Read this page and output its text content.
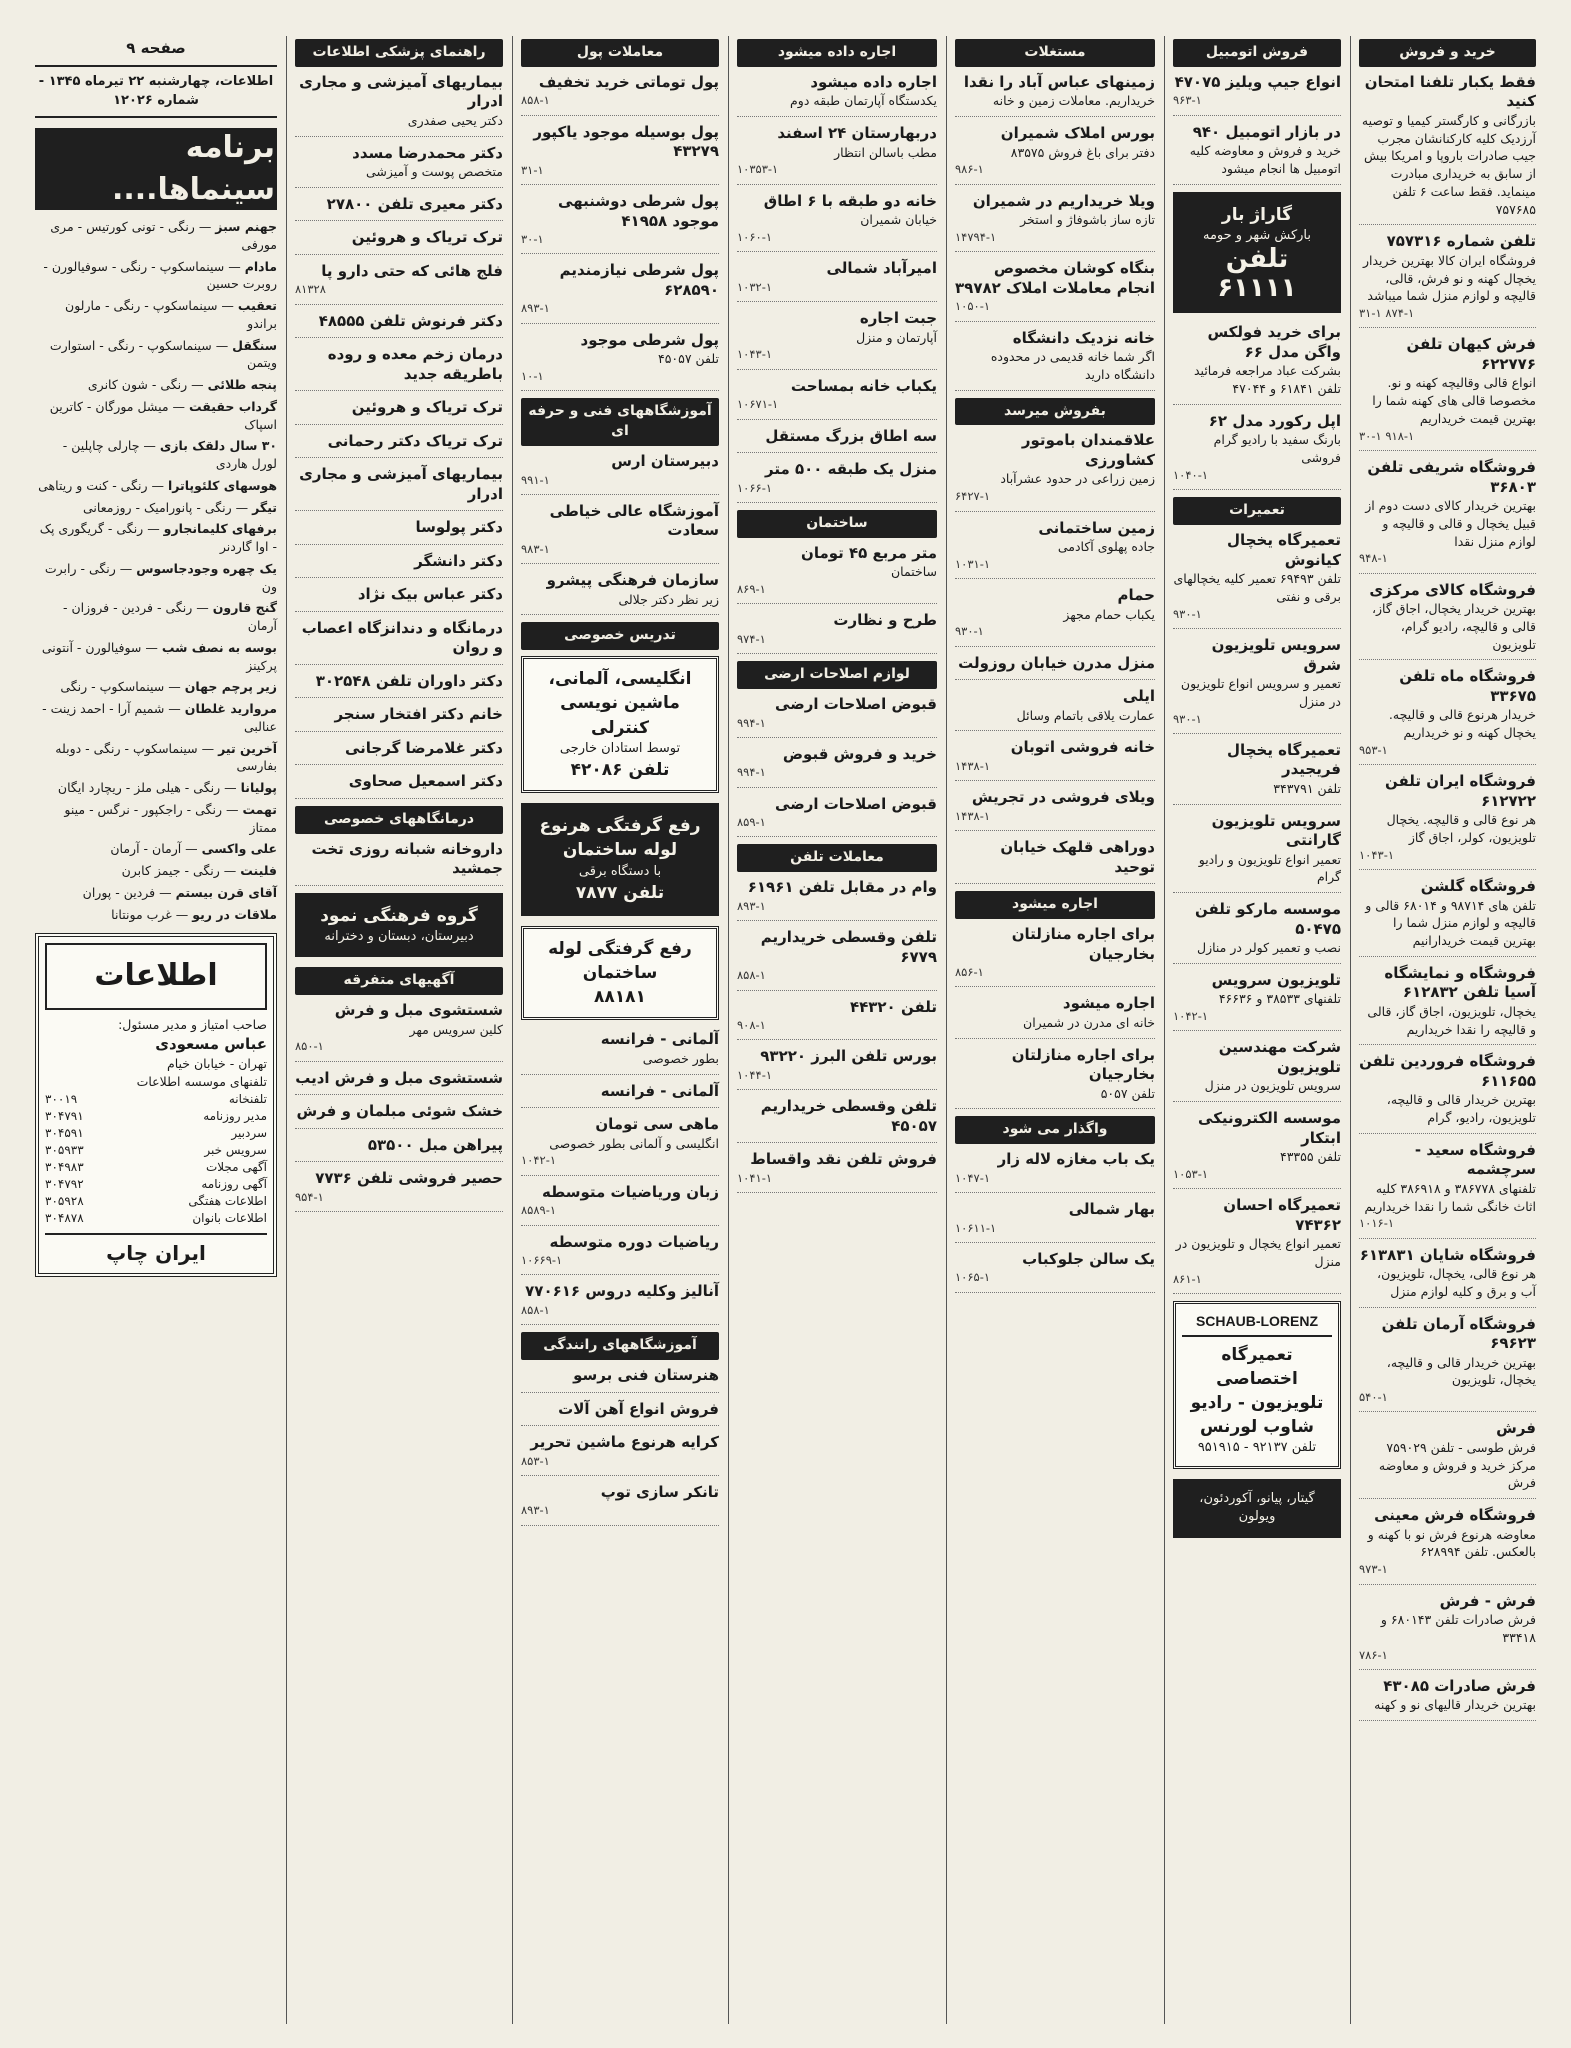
صفحه ۹
اطلاعات، چهارشنبه ۲۲ تیرماه ۱۳۴۵ - شماره ۱۲۰۲۶
برنامه سینماها....
جهنم سبز — رنگی - تونی کورتیس - مری مورفی
مادام — سینماسکوپ - رنگی - سوفیالورن - روبرت حسین
تعقیب — سینماسکوپ - رنگی - مارلون براندو
سنگقل — سینماسکوپ - رنگی - استوارت ویتمن
پنجه طلائی — رنگی - شون کانری
گرداب حقیقت — میشل مورگان - کاترین اسپاک
۳۰ سال دلقک بازی — چارلی چاپلین - لورل هاردی
هوسهای کلئوپاترا — رنگی - کنت و ریتاهی
تیگر — رنگی - پانورامیک - روزمعانی
برفهای کلیمانجارو — رنگی - گریگوری پک - اوا گاردنر
یک چهره وجودجاسوس — رنگی - رابرت ون
گنج قارون — رنگی - فردین - فروزان - آرمان
بوسه به نصف شب — سوفیالورن - آنتونی پرکینز
زیر پرچم جهان — سینماسکوپ - رنگی
مروارید غلطان — شمیم آرا - احمد زینت - عنالبی
آخرین تیر — سینماسکوپ - رنگی - دوبله بفارسی
پولیانا — رنگی - هیلی ملز - ریچارد ایگان
تهمت — رنگی - راجکپور - نرگس - مینو ممتاز
علی واکسی — آرمان - آرمان
فلینت — رنگی - جیمز کابرن
آقای قرن بیستم — فردین - پوران
ملاقات در ریو — غرب مونتانا
اطلاعات
صاحب امتیاز و مدیر مسئول:
عباس مسعودی
تهران - خیابان خیام
تلفنهای موسسه اطلاعات
تلفنخانه
۳۰۰۱۹
مدیر روزنامه
۳۰۴۷۹۱
سردبیر
۳۰۴۵۹۱
سرویس خبر
۳۰۵۹۳۳
آگهی مجلات
۳۰۴۹۸۳
آگهی روزنامه
۳۰۴۷۹۲
اطلاعات هفتگی
۳۰۵۹۲۸
اطلاعات بانوان
۳۰۴۸۷۸
ایران چاپ
راهنمای پزشکی اطلاعات
بیماریهای آمیزشی و مجاری ادرار
دکتر یحیی صفدری
دکتر محمدرضا مسدد
متخصص پوست و آمیزشی
دکتر معیری تلفن ۲۷۸۰۰
ترک تریاک و هروئین
فلج هائی که حتی دارو پا
۸۱۳۲۸
دکتر فرنوش تلفن ۴۸۵۵۵
درمان زخم معده و روده باطریقه جدید
ترک تریاک و هروئین
ترک تریاک دکتر رحمانی
بیماریهای آمیزشی و مجاری ادرار
دکتر پولوسا
دکتر دانشگر
دکتر عباس بیک نژاد
درمانگاه و دندانزگاه اعصاب و روان
دکتر داوران تلفن ۳۰۲۵۴۸
خانم دکتر افتخار سنجر
دکتر غلامرضا گرجانی
دکتر اسمعیل صحاوی
درمانگاههای خصوصی
داروخانه شبانه روزی تخت جمشید
گروه فرهنگی نمود
دبیرستان، دبستان و دخترانه
آگهیهای متفرقه
شستشوی مبل و فرش
کلین سرویس مهر
۸۵۰-۱
شستشوی مبل و فرش ادیب
خشک شوئی مبلمان و فرش
پیراهن مبل ۵۳۵۰۰
حصیر فروشی تلفن ۷۷۳۶
۹۵۴-۱
معاملات پول
پول توماتی خرید تخفیف
۸۵۸-۱
پول بوسیله موجود یاکپور ۴۳۲۷۹
۳۱-۱
پول شرطی دوشنبهی موجود ۴۱۹۵۸
۳۰-۱
پول شرطی نیازمندیم ۶۲۸۵۹۰
۸۹۳-۱
پول شرطی موجود
تلفن ۴۵۰۵۷
۱۰-۱
آموزشگاههای فنی و حرفه ای
دبیرستان ارس
۹۹۱-۱
آموزشگاه عالی خیاطی سعادت
۹۸۳-۱
سازمان فرهنگی پیشرو
زیر نظر دکتر جلالی
تدریس خصوصی
انگلیسی، آلمانی، ماشین نویسی کنترلی
توسط استادان خارجی
تلفن ۴۲۰۸۶
رفع گرفتگی هرنوع لوله ساختمان
با دستگاه برقی
تلفن ۷۸۷۷
رفع گرفتگی لوله ساختمان
۸۸۱۸۱
آلمانی - فرانسه
بطور خصوصی
آلمانی - فرانسه
ماهی سی تومان
انگلیسی و آلمانی بطور خصوصی
۱۰۴۲-۱
زبان وریاضیات متوسطه
۸۵۸۹-۱
ریاضیات دوره متوسطه
۱۰۶۶۹-۱
آنالیز وکلیه دروس ۷۷۰۶۱۶
۸۵۸-۱
آموزشگاههای رانندگی
هنرستان فنی برسو
فروش انواع آهن آلات
کرایه هرنوع ماشین تحریر
۸۵۳-۱
تانکر سازی توپ
۸۹۳-۱
اجاره داده میشود
اجاره داده میشود
یکدستگاه آپارتمان طبقه دوم
دربهارستان ۲۴ اسفند
مطب باسالن انتظار
۱۰۳۵۳-۱
خانه دو طبقه با ۶ اطاق
خیابان شمیران
۱۰۶۰-۱
امیرآباد شمالی
۱۰۳۲-۱
جبت اجاره
آپارتمان و منزل
۱۰۴۳-۱
یکباب خانه بمساحت
۱۰۶۷۱-۱
سه اطاق بزرگ مستقل
منزل یک طبقه ۵۰۰ متر
۱۰۶۶-۱
ساختمان
متر مربع ۴۵ تومان
ساختمان
۸۶۹-۱
طرح و نظارت
۹۷۴-۱
لوازم اصلاحات ارضی
قبوض اصلاحات ارضی
۹۹۴-۱
خرید و فروش قبوض
۹۹۴-۱
قبوض اصلاحات ارضی
۸۵۹-۱
معاملات تلفن
وام در مقابل تلفن ۶۱۹۶۱
۸۹۳-۱
تلفن وقسطی خریداریم ۶۷۷۹
۸۵۸-۱
تلفن ۴۴۳۲۰
۹۰۸-۱
بورس تلفن البرز ۹۳۲۲۰
۱۰۴۴-۱
تلفن وقسطی خریداریم ۴۵۰۵۷
فروش تلفن نقد واقساط
۱۰۴۱-۱
مستغلات
زمینهای عباس آباد را نقدا
خریداریم. معاملات زمین و خانه
بورس املاک شمیران
دفتر برای باغ فروش ۸۳۵۷۵
۹۸۶-۱
ویلا خریداریم در شمیران
تازه ساز باشوفاژ و استخر
۱۴۷۹۴-۱
بنگاه کوشان مخصوص انجام معاملات املاک ۳۹۷۸۲
۱۰۵۰-۱
خانه نزدیک دانشگاه
اگر شما خانه قدیمی در محدوده دانشگاه دارید
بفروش میرسد
علاقمندان باموتور کشاورزی
زمین زراعی در حدود عشرآباد
۶۴۲۷-۱
زمین ساختمانی
جاده پهلوی آکادمی
۱۰۳۱-۱
حمام
یکباب حمام مجهز
۹۳۰-۱
منزل مدرن خیابان روزولت
ایلی
عمارت یلاقی باتمام وسائل
خانه فروشی اتوبان
۱۴۳۸-۱
ویلای فروشی در تجریش
۱۴۳۸-۱
دوراهی قلهک خیابان توحید
اجاره میشود
برای اجاره منازلتان بخارجیان
۸۵۶-۱
اجاره میشود
خانه ای مدرن در شمیران
برای اجاره منازلتان بخارجیان
تلفن ۵۰۵۷
واگذار می شود
یک باب مغازه لاله زار
۱۰۴۷-۱
بهار شمالی
۱۰۶۱۱-۱
یک سالن جلوکباب
۱۰۶۵-۱
فروش اتومبیل
انواع جیپ ویلیز ۴۷۰۷۵
۹۶۳-۱
در بازار اتومبیل ۹۴۰
خرید و فروش و معاوضه کلیه اتومبیل ها انجام میشود
گاراژ بار
بارکش شهر و حومه
تلفن ۶۱۱۱۱
برای خرید فولکس واگن مدل ۶۶
بشرکت عباد مراجعه فرمائید تلفن ۶۱۸۴۱ و ۴۷۰۴۴
اپل رکورد مدل ۶۲
بارنگ سفید با رادیو گرام فروشی
۱۰۴۰-۱
تعمیرات
تعمیرگاه یخچال کیانوش
تلفن ۶۹۴۹۳ تعمیر کلیه یخچالهای برقی و نفتی
۹۳۰-۱
سرویس تلویزیون شرق
تعمیر و سرویس انواع تلویزیون در منزل
۹۳۰-۱
تعمیرگاه یخچال فریجیدر
تلفن ۳۴۳۷۹۱
سرویس تلویزیون گارانتی
تعمیر انواع تلویزیون و رادیو گرام
موسسه مارکو تلفن ۵۰۴۷۵
نصب و تعمیر کولر در منازل
تلویزیون سرویس
تلفنهای ۳۸۵۳۳ و ۴۶۶۳۶
۱۰۴۲-۱
شرکت مهندسین تلویزیون
سرویس تلویزیون در منزل
موسسه الکترونیکی ابتکار
تلفن ۴۳۳۵۵
۱۰۵۳-۱
تعمیرگاه احسان ۷۴۳۶۲
تعمیر انواع یخچال و تلویزیون در منزل
۸۶۱-۱
SCHAUB-LORENZ
تعمیرگاه اختصاصی
تلویزیون - رادیو
شاوب لورنس
تلفن ۹۲۱۳۷ - ۹۵۱۹۱۵
گیتار، پیانو، آکوردئون، ویولون
خرید و فروش
فقط یکبار تلفنا امتحان کنید
بازرگانی و کارگستر کیمیا و توصیه آرزدیک کلیه کارکنانشان مجرب جیب صادرات باروپا و امریکا بیش از سابق به خریداری مبادرت مینماید. فقط ساعت ۶ تلفن ۷۵۷۶۸۵
تلفن شماره ۷۵۷۳۱۶
فروشگاه ایران کالا بهترین خریدار یخچال کهنه و نو فرش، قالی، قالیچه و لوازم منزل شما میباشد
۳۱-۱ ۸۷۴-۱
فرش کیهان تلفن ۶۲۲۷۷۶
انواع قالی وقالیچه کهنه و نو. مخصوصا قالی های کهنه شما را بهترین قیمت خریداریم
۳۰-۱ ۹۱۸-۱
فروشگاه شریفی تلفن ۳۶۸۰۳
بهترین خریدار کالای دست دوم از قبیل یخچال و قالی و قالیچه و لوازم منزل نقدا
۹۴۸-۱
فروشگاه کالای مرکزی
بهترین خریدار یخچال، اجاق گاز، قالی و قالیچه، رادیو گرام، تلویزیون
فروشگاه ماه تلفن ۳۳۶۷۵
خریدار هرنوع قالی و قالیچه. یخچال کهنه و نو خریداریم
۹۵۳-۱
فروشگاه ایران تلفن ۶۱۲۷۲۲
هر نوع قالی و قالیچه. یخچال تلویزیون، کولر، اجاق گاز
۱۰۴۳-۱
فروشگاه گلشن
تلفن های ۹۸۷۱۴ و ۶۸۰۱۴ قالی و قالیچه و لوازم منزل شما را بهترین قیمت خریدارانیم
فروشگاه و نمایشگاه آسیا تلفن ۶۱۲۸۳۲
یخچال، تلویزیون، اجاق گاز، قالی و قالیچه را نقدا خریداریم
فروشگاه فروردین تلفن ۶۱۱۶۵۵
بهترین خریدار قالی و قالیچه، تلویزیون، رادیو، گرام
فروشگاه سعید - سرچشمه
تلفنهای ۳۸۶۷۷۸ و ۳۸۶۹۱۸ کلیه اثاث خانگی شما را نقدا خریداریم
۱۰۱۶-۱
فروشگاه شایان ۶۱۳۸۳۱
هر نوع قالی، یخچال، تلویزیون، آب و برق و کلیه لوازم منزل
فروشگاه آرمان تلفن ۶۹۶۲۳
بهترین خریدار قالی و قالیچه، یخچال، تلویزیون
۵۴۰-۱
فرش
فرش طوسی - تلفن ۷۵۹۰۲۹ مرکز خرید و فروش و معاوضه فرش
فروشگاه فرش معینی
معاوضه هرنوع فرش نو با کهنه و بالعکس. تلفن ۶۲۸۹۹۴
۹۷۳-۱
فرش - فرش
فرش صادرات تلفن ۶۸۰۱۴۳ و ۳۳۴۱۸
۷۸۶-۱
فرش صادرات ۴۳۰۸۵
بهترین خریدار قالیهای نو و کهنه
